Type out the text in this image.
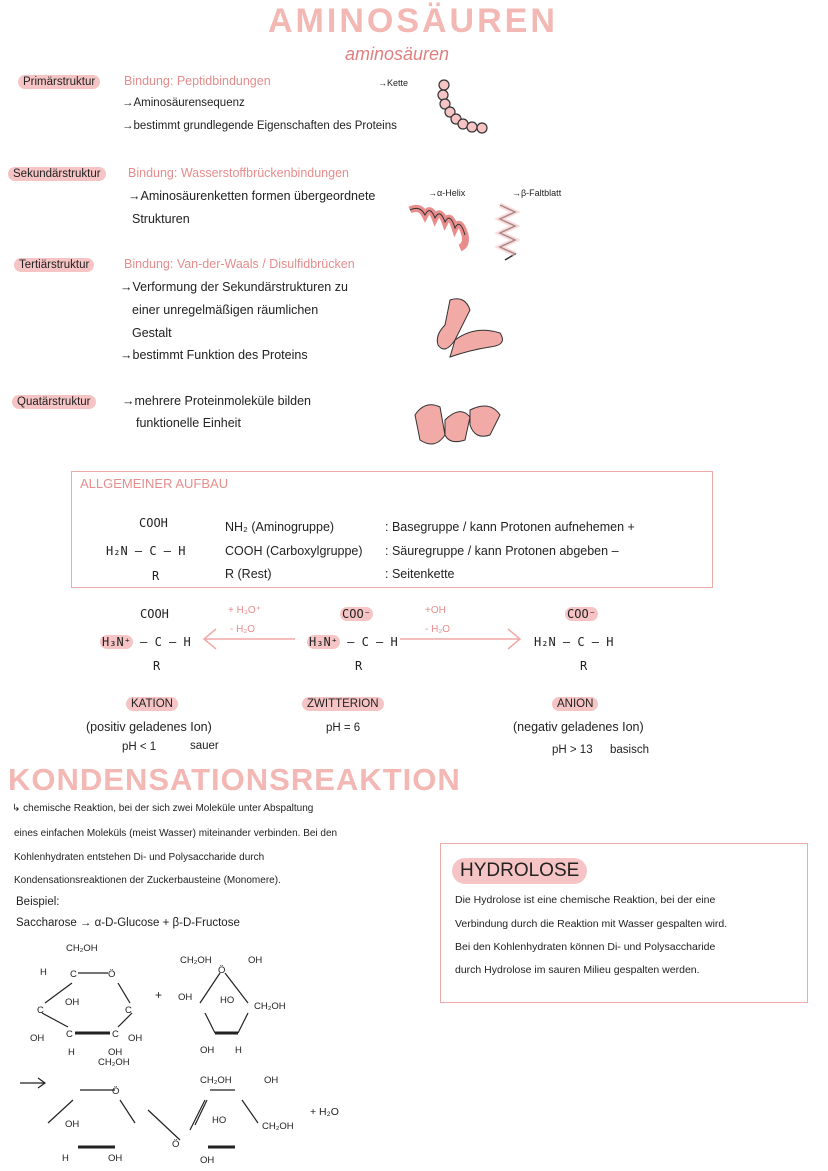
AMINOSÄUREN
aminosäuren
Primärstruktur	Bindung: Peptidbindungen
→Aminosäurensequenz
→bestimmt grundlegende Eigenschaften des Proteins
→Kette
Sekundärstruktur	Bindung: Wasserstoffbrückenbindungen
→Aminosäurenketten formen übergeordnete
Strukturen
→α-Helix	→β-Faltblatt
Tertiärstruktur	Bindung: Van-der-Waals / Disulfidbrücken
→Verformung der Sekundärstrukturen zu
einer unregelmäßigen räumlichen
Gestalt
→bestimmt Funktion des Proteins
Quatärstruktur	→mehrere Proteinmoleküle bilden
funktionelle Einheit
ALLGEMEINER AUFBAU
COOH
H₂N – C – H
R
NH₂ (Aminogruppe)	: Basegruppe / kann Protonen aufnehemen +
COOH (Carboxylgruppe) : Säuregruppe / kann Protonen abgeben –
R (Rest)	: Seitenkette
COOH
H₃N⁺ – C – H
R
COO⁻
H₃N⁺ – C – H
R
COO⁻
H₂N – C – H
R
+ H₃O⁺
- H₂O
+OH
- H₂O
KATION
(positiv geladenes Ion)
pH < 1	sauer
ZWITTERION
pH = 6
ANION
(negativ geladenes Ion)
pH > 13 basisch
KONDENSATIONSREAKTION
↳ chemische Reaktion, bei der sich zwei Moleküle unter Abspaltung
eines einfachen Moleküls (meist Wasser) miteinander verbinden. Bei den
Kohlenhydraten entstehen Di- und Polysaccharide durch
Kondensationsreaktionen der Zuckerbausteine (Monomere).
Beispiel:
Saccharose → α-D-Glucose + β-D-Fructose
CH₂OH
C	Ö
H
OH
C	C
OH	OH
C	C
H	OH
+
CH₂OH
Ö
OH
OH	HO
CH₂OH
OH H
CH₂OH
Ö
OH
H	OH
Ö
CH₂OH	OH
HO
CH₂OH
OH
+ H₂O
HYDROLOSE
Die Hydrolose ist eine chemische Reaktion, bei der eine
Verbindung durch die Reaktion mit Wasser gespalten wird.
Bei den Kohlenhydraten können Di- und Polysaccharide
durch Hydrolose im sauren Milieu gespalten werden.
